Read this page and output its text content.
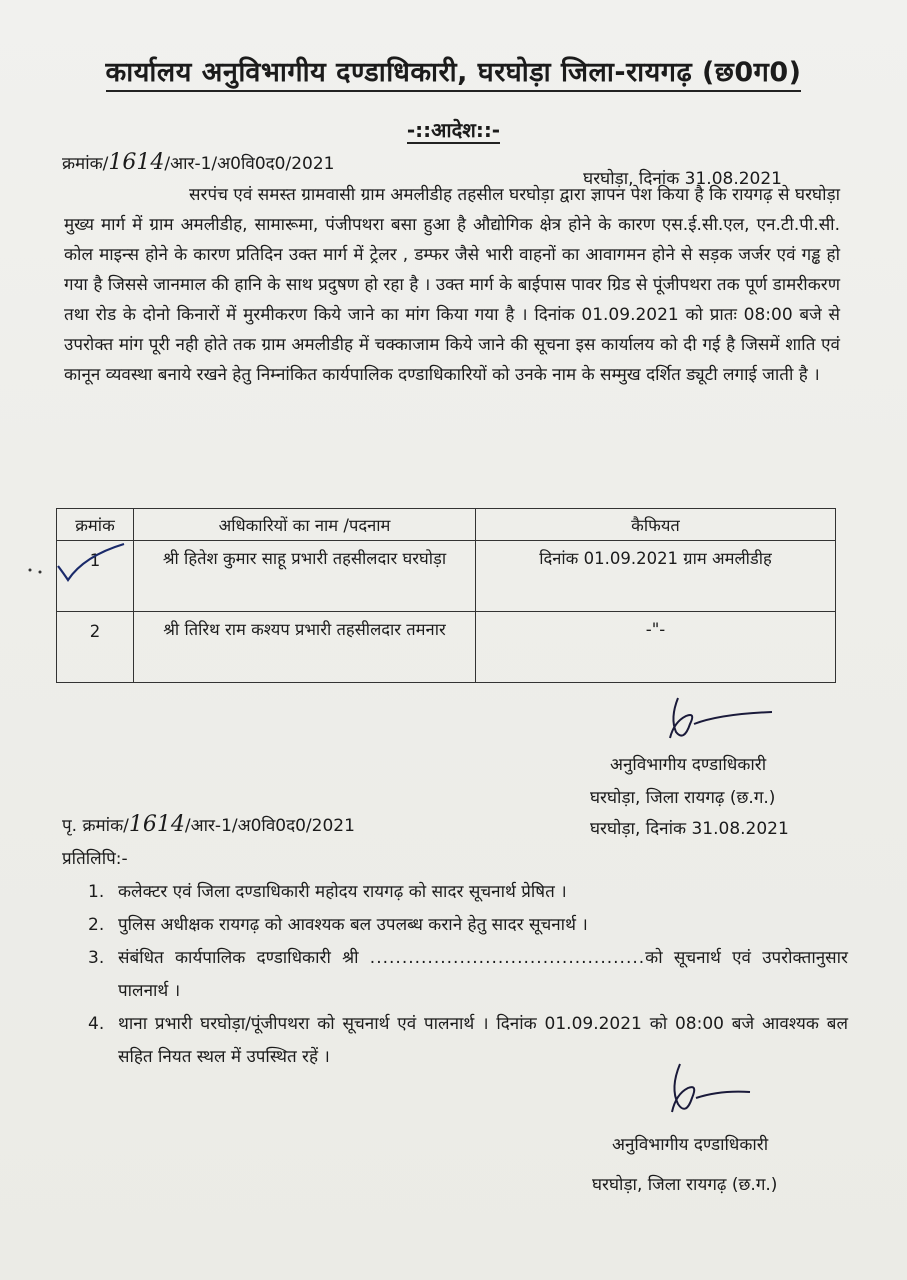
कार्यालय अनुविभागीय दण्डाधिकारी, घरघोड़ा जिला-रायगढ़ (छ0ग0)
-::आदेश::-
क्रमांक/1614/आर-1/अ0वि0द0/2021
घरघोड़ा, दिनांक 31.08.2021
सरपंच एवं समस्त ग्रामवासी ग्राम अमलीडीह तहसील घरघोड़ा द्वारा ज्ञापन पेश किया है कि रायगढ़ से घरघोड़ा मुख्य मार्ग में ग्राम अमलीडीह, सामारूमा, पंजीपथरा बसा हुआ है औद्योगिक क्षेत्र होने के कारण एस.ई.सी.एल, एन.टी.पी.सी. कोल माइन्स होने के कारण प्रतिदिन उक्त मार्ग में ट्रेलर , डम्फर जैसे भारी वाहनों का आवागमन होने से सड़क जर्जर एवं गड्ढ हो गया है जिससे जानमाल की हानि के साथ प्रदुषण हो रहा है । उक्त मार्ग के बाईपास पावर ग्रिड से पूंजीपथरा तक पूर्ण डामरीकरण तथा रोड के दोनो किनारों में मुरमीकरण किये जाने का मांग किया गया है । दिनांक 01.09.2021 को प्रातः 08:00 बजे से उपरोक्त मांग पूरी नही होते तक ग्राम अमलीडीह में चक्काजाम किये जाने की सूचना इस कार्यालय को दी गई है जिसमें शाति एवं कानून व्यवस्था बनाये रखने हेतु निम्नांकित कार्यपालिक दण्डाधिकारियों को उनके नाम के सम्मुख दर्शित ड्यूटी लगाई जाती है ।
क्रमांक	अधिकारियों का नाम /पदनाम	कैफियत
1	श्री हितेश कुमार साहू प्रभारी तहसीलदार घरघोड़ा	दिनांक 01.09.2021 ग्राम अमलीडीह
2	श्री तिरिथ राम कश्यप प्रभारी तहसीलदार तमनार	-"-
अनुविभागीय दण्डाधिकारी
घरघोड़ा, जिला रायगढ़ (छ.ग.)
पृ. क्रमांक/1614/आर-1/अ0वि0द0/2021	घरघोड़ा, दिनांक 31.08.2021
प्रतिलिपि:-
1. कलेक्टर एवं जिला दण्डाधिकारी महोदय रायगढ़ को सादर सूचनार्थ प्रेषित ।
2. पुलिस अधीक्षक रायगढ़ को आवश्यक बल उपलब्ध कराने हेतु सादर सूचनार्थ ।
3. संबंधित कार्यपालिक दण्डाधिकारी श्री ...........................................को सूचनार्थ एवं उपरोक्तानुसार पालनार्थ ।
4. थाना प्रभारी घरघोड़ा/पूंजीपथरा को सूचनार्थ एवं पालनार्थ । दिनांक 01.09.2021 को 08:00 बजे आवश्यक बल सहित नियत स्थल में उपस्थित रहें ।
अनुविभागीय दण्डाधिकारी
घरघोड़ा, जिला रायगढ़ (छ.ग.)
